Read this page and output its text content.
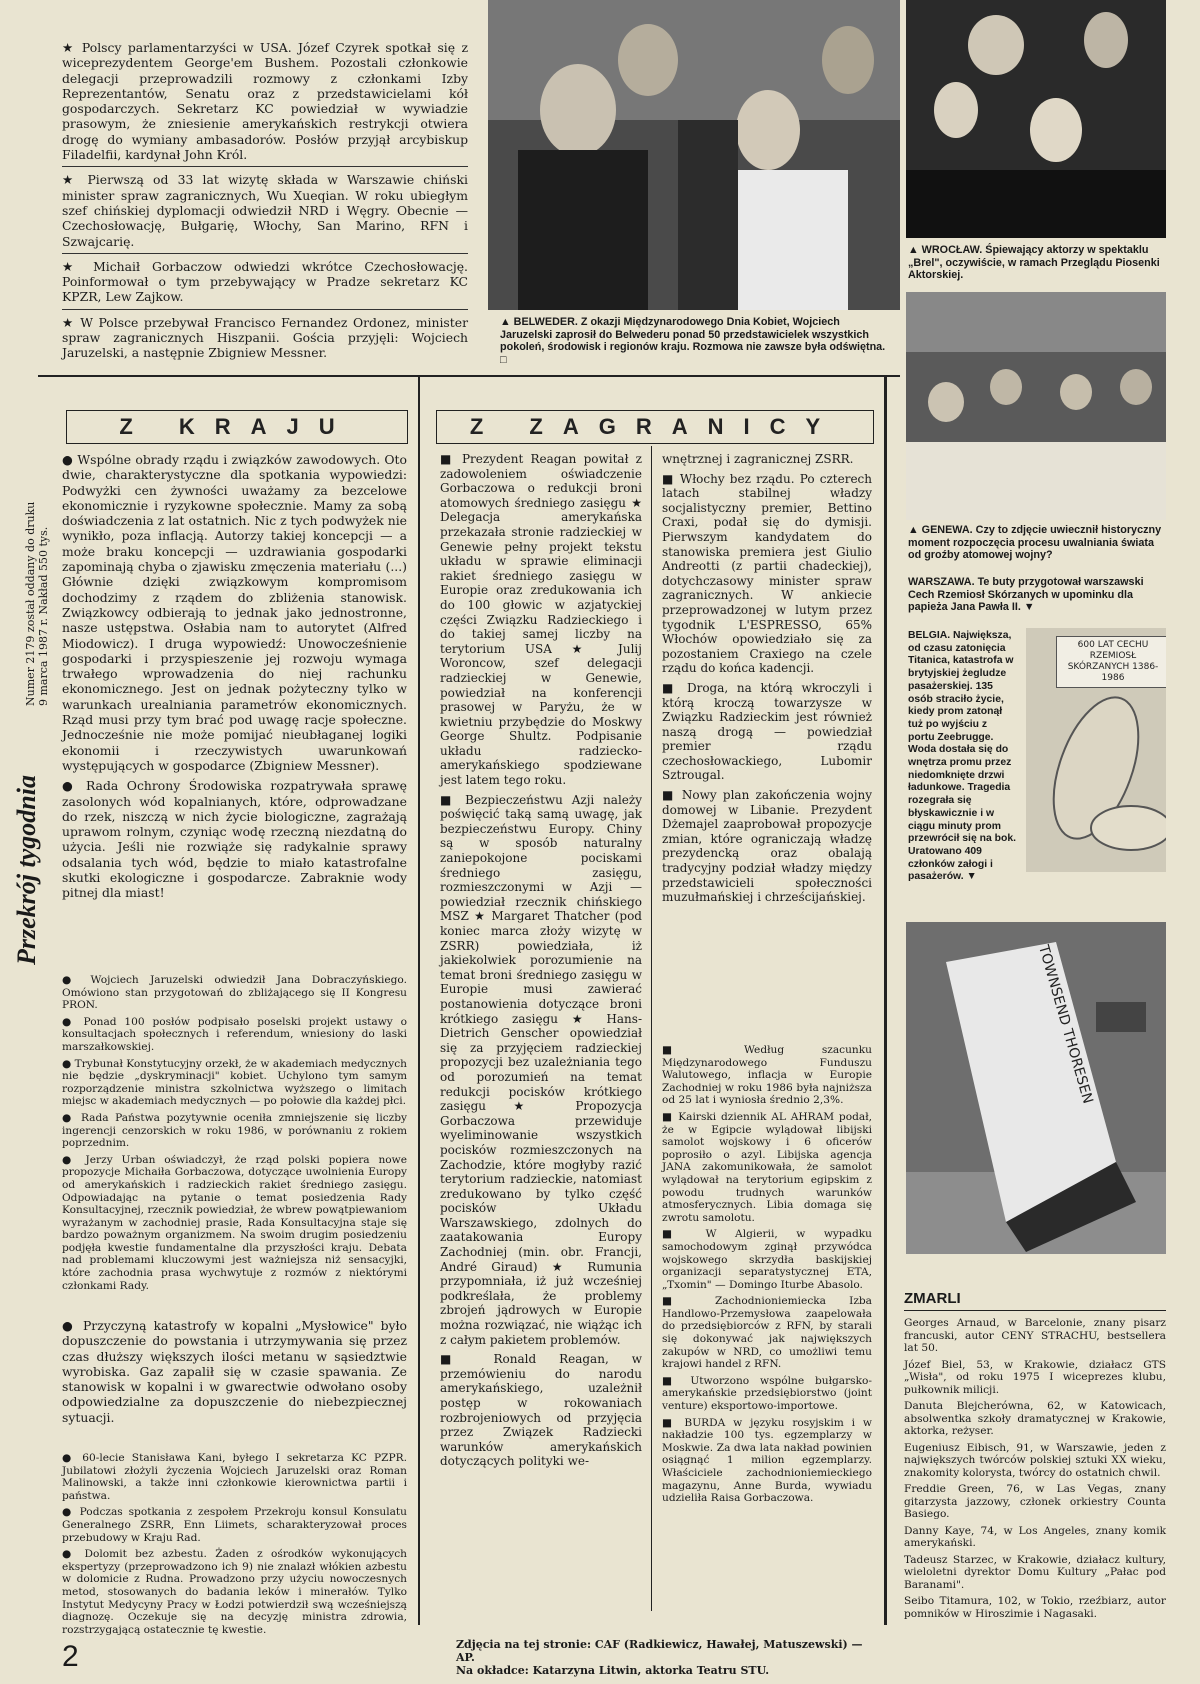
★ Polscy parlamentarzyści w USA. Józef Czyrek spotkał się z wiceprezydentem George'em Bushem. Pozostali członkowie delegacji przeprowadzili rozmowy z członkami Izby Reprezentantów, Senatu oraz z przedstawicielami kół gospodarczych. Sekretarz KC powiedział w wywiadzie prasowym, że zniesienie amerykańskich restrykcji otwiera drogę do wymiany ambasadorów. Posłów przyjął arcybiskup Filadelfii, kardynał John Król.

★ Pierwszą od 33 lat wizytę składa w Warszawie chiński minister spraw zagranicznych, Wu Xueqian. W roku ubiegłym szef chińskiej dyplomacji odwiedził NRD i Węgry. Obecnie — Czechosłowację, Bułgarię, Włochy, San Marino, RFN i Szwajcarię.

★ Michaił Gorbaczow odwiedzi wkrótce Czechosłowację. Poinformował o tym przebywający w Pradze sekretarz KC KPZR, Lew Zajkow.

★ W Polsce przebywał Francisco Fernandez Ordonez, minister spraw zagranicznych Hiszpanii. Gościa przyjęli: Wojciech Jaruzelski, a następnie Zbigniew Messner.

▲ BELWEDER. Z okazji Międzynarodowego Dnia Kobiet, Wojciech Jaruzelski zaprosił do Belwederu ponad 50 przedstawicielek wszystkich pokoleń, środowisk i regionów kraju. Rozmowa nie zawsze była odświętna. □
▲ WROCŁAW. Śpiewający aktorzy w spektaklu „Brel", oczywiście, w ramach Przeglądu Piosenki Aktorskiej.
▲ GENEWA. Czy to zdjęcie uwiecznił historyczny moment rozpoczęcia procesu uwalniania świata od groźby atomowej wojny?
WARSZAWA. Te buty przygotował warszawski Cech Rzemiosł Skórzanych w upominku dla papieża Jana Pawła II. ▼
BELGIA. Największa, od czasu zatonięcia Titanica, katastrofa w brytyjskiej żegludze pasażerskiej. 135 osób straciło życie, kiedy prom zatonął tuż po wyjściu z portu Zeebrugge. Woda dostała się do wnętrza promu przez niedomknięte drzwi ładunkowe. Tragedia rozegrała się błyskawicznie i w ciągu minuty prom przewrócił się na bok. Uratowano 409 członków załogi i pasażerów. ▼
600 LAT CECHU RZEMIOSŁ SKÓRZANYCH 1386-1986
TOWNSEND THORESEN
Przekrój tygodnia
Numer 2179 został oddany do druku 9 marca 1987 r. Nakład 550 tys.
Z KRAJU

● Wspólne obrady rządu i związków zawodowych. Oto dwie, charakterystyczne dla spotkania wypowiedzi: Podwyżki cen żywności uważamy za bezcelowe ekonomicznie i ryzykowne społecznie. Mamy za sobą doświadczenia z lat ostatnich. Nic z tych podwyżek nie wynikło, poza inflacją. Autorzy takiej koncepcji — a może braku koncepcji — uzdrawiania gospodarki zapominają chyba o zjawisku zmęczenia materiału (...) Głównie dzięki związkowym kompromisom dochodzimy z rządem do zbliżenia stanowisk. Związkowcy odbierają to jednak jako jednostronne, nasze ustępstwa. Osłabia nam to autorytet (Alfred Miodowicz). I druga wypowiedź: Unowocześnienie gospodarki i przyspieszenie jej rozwoju wymaga trwałego wprowadzenia do niej rachunku ekonomicznego. Jest on jednak pożyteczny tylko w warunkach urealniania parametrów ekonomicznych. Rząd musi przy tym brać pod uwagę racje społeczne. Jednocześnie nie może pomijać nieubłaganej logiki ekonomii i rzeczywistych uwarunkowań występujących w gospodarce (Zbigniew Messner).

● Rada Ochrony Środowiska rozpatrywała sprawę zasolonych wód kopalnianych, które, odprowadzane do rzek, niszczą w nich życie biologiczne, zagrażają uprawom rolnym, czyniąc wodę rzeczną niezdatną do użycia. Jeśli nie rozwiąże się radykalnie sprawy odsalania tych wód, będzie to miało katastrofalne skutki ekologiczne i gospodarcze. Zabraknie wody pitnej dla miast!

● Wojciech Jaruzelski odwiedził Jana Dobraczyńskiego. Omówiono stan przygotowań do zbliżającego się II Kongresu PRON.

● Ponad 100 posłów podpisało poselski projekt ustawy o konsultacjach społecznych i referendum, wniesiony do laski marszałkowskiej.

● Trybunał Konstytucyjny orzekł, że w akademiach medycznych nie będzie „dyskryminacji" kobiet. Uchylono tym samym rozporządzenie ministra szkolnictwa wyższego o limitach miejsc w akademiach medycznych — po połowie dla każdej płci.

● Rada Państwa pozytywnie oceniła zmniejszenie się liczby ingerencji cenzorskich w roku 1986, w porównaniu z rokiem poprzednim.

● Jerzy Urban oświadczył, że rząd polski popiera nowe propozycje Michaiła Gorbaczowa, dotyczące uwolnienia Europy od amerykańskich i radzieckich rakiet średniego zasięgu. Odpowiadając na pytanie o temat posiedzenia Rady Konsultacyjnej, rzecznik powiedział, że wbrew powątpiewaniom wyrażanym w zachodniej prasie, Rada Konsultacyjna staje się bardzo poważnym organizmem. Na swoim drugim posiedzeniu podjęła kwestie fundamentalne dla przyszłości kraju. Debata nad problemami kluczowymi jest ważniejsza niż sensacyjki, które zachodnia prasa wychwytuje z rozmów z niektórymi członkami Rady.

● Przyczyną katastrofy w kopalni „Mysłowice" było dopuszczenie do powstania i utrzymywania się przez czas dłuższy większych ilości metanu w sąsiedztwie wyrobiska. Gaz zapalił się w czasie spawania. Ze stanowisk w kopalni i w gwarectwie odwołano osoby odpowiedzialne za dopuszczenie do niebezpiecznej sytuacji.

● 60-lecie Stanisława Kani, byłego I sekretarza KC PZPR. Jubilatowi złożyli życzenia Wojciech Jaruzelski oraz Roman Malinowski, a także inni członkowie kierownictwa partii i państwa.

● Podczas spotkania z zespołem Przekroju konsul Konsulatu Generalnego ZSRR, Enn Liimets, scharakteryzował proces przebudowy w Kraju Rad.

● Dolomit bez azbestu. Żaden z ośrodków wykonujących ekspertyzy (przeprowadzono ich 9) nie znalazł włókien azbestu w dolomicie z Rudna. Prowadzono przy użyciu nowoczesnych metod, stosowanych do badania leków i minerałów. Tylko Instytut Medycyny Pracy w Łodzi potwierdził swą wcześniejszą diagnozę. Oczekuje się na decyzję ministra zdrowia, rozstrzygającą ostatecznie tę kwestie.

Z ZAGRANICY

■ Prezydent Reagan powitał z zadowoleniem oświadczenie Gorbaczowa o redukcji broni atomowych średniego zasięgu ★ Delegacja amerykańska przekazała stronie radzieckiej w Genewie pełny projekt tekstu układu w sprawie eliminacji rakiet średniego zasięgu w Europie oraz zredukowania ich do 100 głowic w azjatyckiej części Związku Radzieckiego i do takiej samej liczby na terytorium USA ★ Julij Woroncow, szef delegacji radzieckiej w Genewie, powiedział na konferencji prasowej w Paryżu, że w kwietniu przybędzie do Moskwy George Shultz. Podpisanie układu radziecko-amerykańskiego spodziewane jest latem tego roku.

■ Bezpieczeństwu Azji należy poświęcić taką samą uwagę, jak bezpieczeństwu Europy. Chiny są w sposób naturalny zaniepokojone pociskami średniego zasięgu, rozmieszczonymi w Azji — powiedział rzecznik chińskiego MSZ ★ Margaret Thatcher (pod koniec marca złoży wizytę w ZSRR) powiedziała, iż jakiekolwiek porozumienie na temat broni średniego zasięgu w Europie musi zawierać postanowienia dotyczące broni krótkiego zasięgu ★ Hans-Dietrich Genscher opowiedział się za przyjęciem radzieckiej propozycji bez uzależniania tego od porozumień na temat redukcji pocisków krótkiego zasięgu ★ Propozycja Gorbaczowa przewiduje wyeliminowanie wszystkich pocisków rozmieszczonych na Zachodzie, które mogłyby razić terytorium radzieckie, natomiast zredukowano by tylko część pocisków Układu Warszawskiego, zdolnych do zaatakowania Europy Zachodniej (min. obr. Francji, André Giraud) ★ Rumunia przypomniała, iż już wcześniej podkreślała, że problemy zbrojeń jądrowych w Europie można rozwiązać, nie wiążąc ich z całym pakietem problemów.

■ Ronald Reagan, w przemówieniu do narodu amerykańskiego, uzależnił postęp w rokowaniach rozbrojeniowych od przyjęcia przez Związek Radziecki warunków amerykańskich dotyczących polityki we-

wnętrznej i zagranicznej ZSRR.

■ Włochy bez rządu. Po czterech latach stabilnej władzy socjalistyczny premier, Bettino Craxi, podał się do dymisji. Pierwszym kandydatem do stanowiska premiera jest Giulio Andreotti (z partii chadeckiej), dotychczasowy minister spraw zagranicznych. W ankiecie przeprowadzonej w lutym przez tygodnik L'ESPRESSO, 65% Włochów opowiedziało się za pozostaniem Craxiego na czele rządu do końca kadencji.

■ Droga, na którą wkroczyli i którą kroczą towarzysze w Związku Radzieckim jest również naszą drogą — powiedział premier rządu czechosłowackiego, Lubomir Sztrougal.

■ Nowy plan zakończenia wojny domowej w Libanie. Prezydent Dżemajel zaaprobował propozycje zmian, które ograniczają władzę prezydencką oraz obalają tradycyjny podział władzy między przedstawicieli społeczności muzułmańskiej i chrześcijańskiej.

■ Według szacunku Międzynarodowego Funduszu Walutowego, inflacja w Europie Zachodniej w roku 1986 była najniższa od 25 lat i wyniosła średnio 2,3%.

■ Kairski dziennik AL AHRAM podał, że w Egipcie wylądował libijski samolot wojskowy i 6 oficerów poprosiło o azyl. Libijska agencja JANA zakomunikowała, że samolot wylądował na terytorium egipskim z powodu trudnych warunków atmosferycznych. Libia domaga się zwrotu samolotu.

■ W Algierii, w wypadku samochodowym zginął przywódca wojskowego skrzydła baskijskiej organizacji separatystycznej ETA, „Txomin" — Domingo Iturbe Abasolo.

■ Zachodnioniemiecka Izba Handlowo-Przemysłowa zaapelowała do przedsiębiorców z RFN, by starali się dokonywać jak największych zakupów w NRD, co umożliwi temu krajowi handel z RFN.

■ Utworzono wspólne bułgarsko-amerykańskie przedsiębiorstwo (joint venture) eksportowo-importowe.

■ BURDA w języku rosyjskim i w nakładzie 100 tys. egzemplarzy w Moskwie. Za dwa lata nakład powinien osiągnąć 1 milion egzemplarzy. Właściciele zachodnioniemieckiego magazynu, Anne Burda, wywiadu udzieliła Raisa Gorbaczowa.

ZMARLI

Georges Arnaud, w Barcelonie, znany pisarz francuski, autor CENY STRACHU, bestsellera lat 50.

Józef Biel, 53, w Krakowie, działacz GTS „Wisła", od roku 1975 I wiceprezes klubu, pułkownik milicji.

Danuta Blejcherówna, 62, w Katowicach, absolwentka szkoły dramatycznej w Krakowie, aktorka, reżyser.

Eugeniusz Eibisch, 91, w Warszawie, jeden z największych twórców polskiej sztuki XX wieku, znakomity kolorysta, twórcy do ostatnich chwil.

Freddie Green, 76, w Las Vegas, znany gitarzysta jazzowy, członek orkiestry Counta Basiego.

Danny Kaye, 74, w Los Angeles, znany komik amerykański.

Tadeusz Starzec, w Krakowie, działacz kultury, wieloletni dyrektor Domu Kultury „Pałac pod Baranami".

Seibo Titamura, 102, w Tokio, rzeźbiarz, autor pomników w Hiroszimie i Nagasaki.

2	Zdjęcia na tej stronie: CAF (Radkiewicz, Hawałej, Matuszewski) — AP.
Na okładce: Katarzyna Litwin, aktorka Teatru STU.
